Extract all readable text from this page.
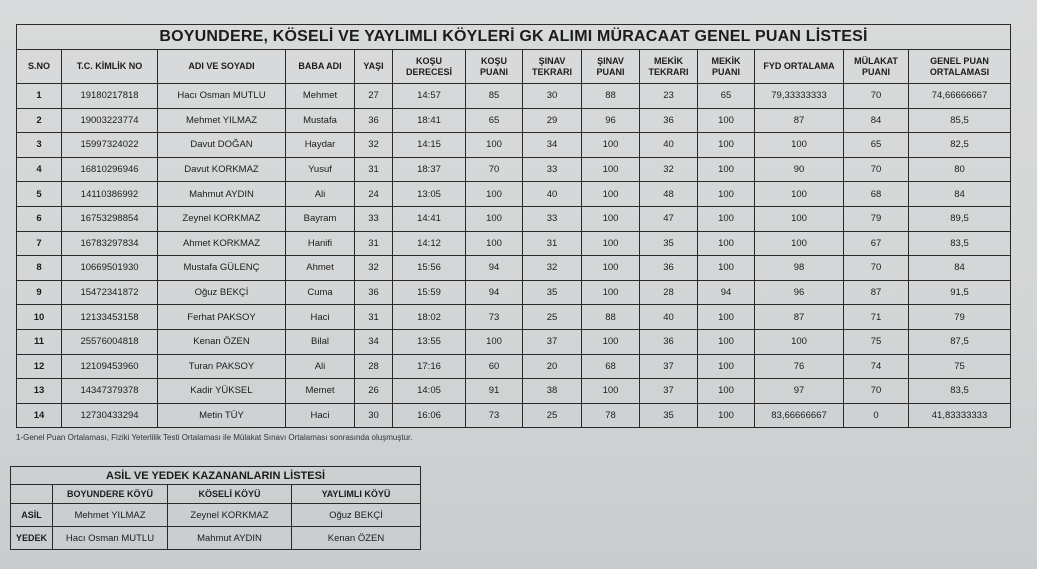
BOYUNDERE, KÖSELİ VE YAYLIMLI KÖYLERİ GK ALIMI MÜRACAAT GENEL PUAN LİSTESİ													
S.NO	T.C. KİMLİK NO	ADI VE SOYADI	BABA ADI	YAŞI	KOŞU DERECESİ	KOŞU PUANI	ŞINAV TEKRARI	ŞINAV PUANI	MEKİK TEKRARI	MEKİK PUANI	FYD ORTALAMA	MÜLAKAT PUANI	GENEL PUAN ORTALAMASI
1	19180217818	Hacı Osman MUTLU	Mehmet	27	14:57	85	30	88	23	65	79,33333333	70	74,66666667
2	19003223774	Mehmet YILMAZ	Mustafa	36	18:41	65	29	96	36	100	87	84	85,5
3	15997324022	Davut DOĞAN	Haydar	32	14:15	100	34	100	40	100	100	65	82,5
4	16810296946	Davut KORKMAZ	Yusuf	31	18:37	70	33	100	32	100	90	70	80
5	14110386992	Mahmut AYDIN	Ali	24	13:05	100	40	100	48	100	100	68	84
6	16753298854	Zeynel KORKMAZ	Bayram	33	14:41	100	33	100	47	100	100	79	89,5
7	16783297834	Ahmet KORKMAZ	Hanifi	31	14:12	100	31	100	35	100	100	67	83,5
8	10669501930	Mustafa GÜLENÇ	Ahmet	32	15:56	94	32	100	36	100	98	70	84
9	15472341872	Oğuz BEKÇİ	Cuma	36	15:59	94	35	100	28	94	96	87	91,5
10	12133453158	Ferhat PAKSOY	Haci	31	18:02	73	25	88	40	100	87	71	79
11	25576004818	Kenan ÖZEN	Bilal	34	13:55	100	37	100	36	100	100	75	87,5
12	12109453960	Turan PAKSOY	Ali	28	17:16	60	20	68	37	100	76	74	75
13	14347379378	Kadir YÜKSEL	Memet	26	14:05	91	38	100	37	100	97	70	83,5
14	12730433294	Metin TÜY	Haci	30	16:06	73	25	78	35	100	83,66666667	0	41,83333333
1-Genel Puan Ortalaması, Fiziki Yeterlilik Testi Ortalaması ile Mülakat Sınavı Ortalaması sonrasında oluşmuştur.
ASİL VE YEDEK KAZANANLARIN LİSTESİ			
	BOYUNDERE KÖYÜ	KÖSELİ KÖYÜ	YAYLIMLI KÖYÜ
ASİL	Mehmet YILMAZ	Zeynel KORKMAZ	Oğuz BEKÇİ
YEDEK	Hacı Osman MUTLU	Mahmut AYDIN	Kenan ÖZEN
